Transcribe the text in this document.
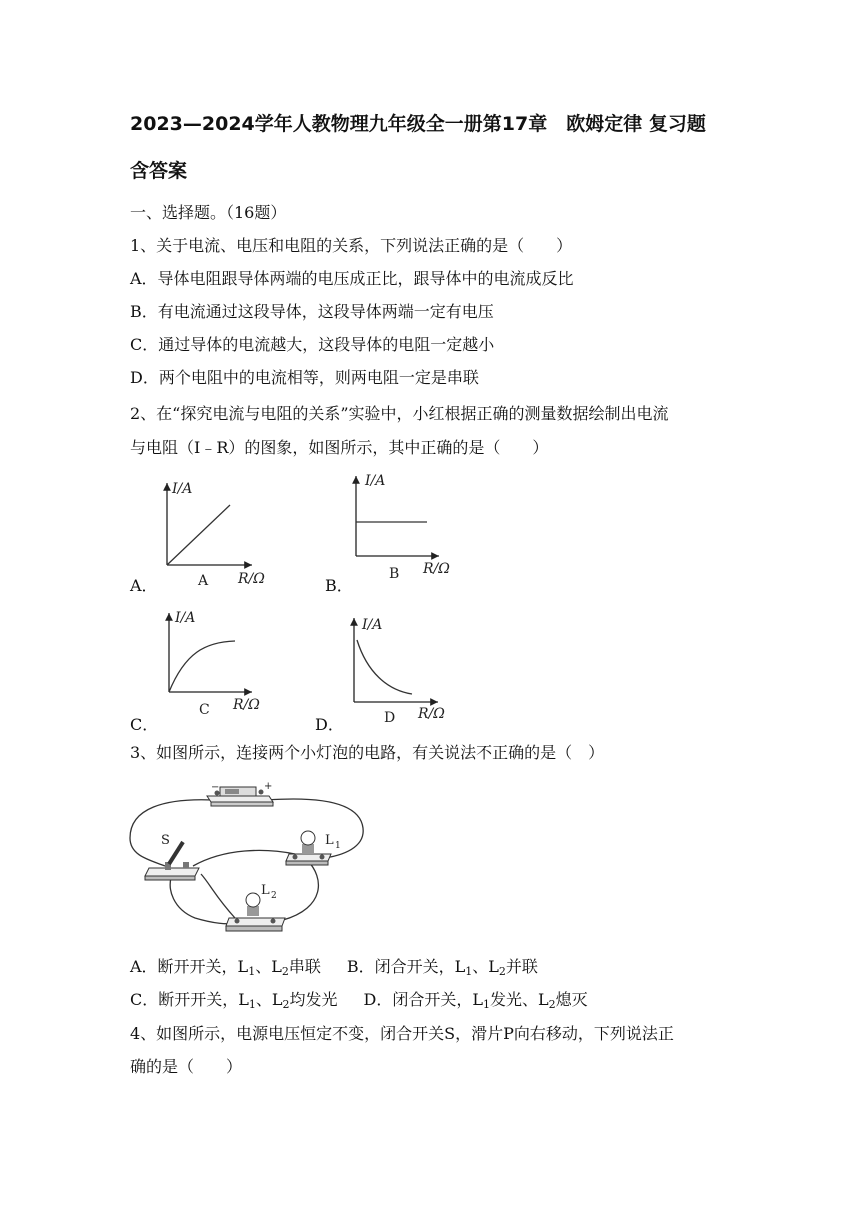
2023—2024学年人教物理九年级全一册第17章　欧姆定律 复习题
含答案
一、选择题。（16题）
1、关于电流、电压和电阻的关系，下列说法正确的是（　　）
A．导体电阻跟导体两端的电压成正比，跟导体中的电流成反比
B．有电流通过这段导体，这段导体两端一定有电压
C．通过导体的电流越大，这段导体的电阻一定越小
D．两个电阻中的电流相等，则两电阻一定是串联
2、在“探究电流与电阻的关系”实验中，小红根据正确的测量数据绘制出电流
与电阻（I﹣R）的图象，如图所示，其中正确的是（　　）
I/A
R/Ω
A
A．
I/A
R/Ω
B
B．
I/A
R/Ω
C
C．
I/A
R/Ω
D
D．
3、如图所示，连接两个小灯泡的电路，有关说法不正确的是（　）
−	+
S	L 1
L 2
A．断开开关，$L_1$、$L_2$串联 B．闭合开关，$L_1$、$L_2$并联
C．断开开关，$L_1$、$L_2$均发光 D．闭合开关，$L_1$发光、$L_2$熄灭
4、如图所示，电源电压恒定不变，闭合开关S，滑片P向右移动，下列说法正
确的是（　　）
